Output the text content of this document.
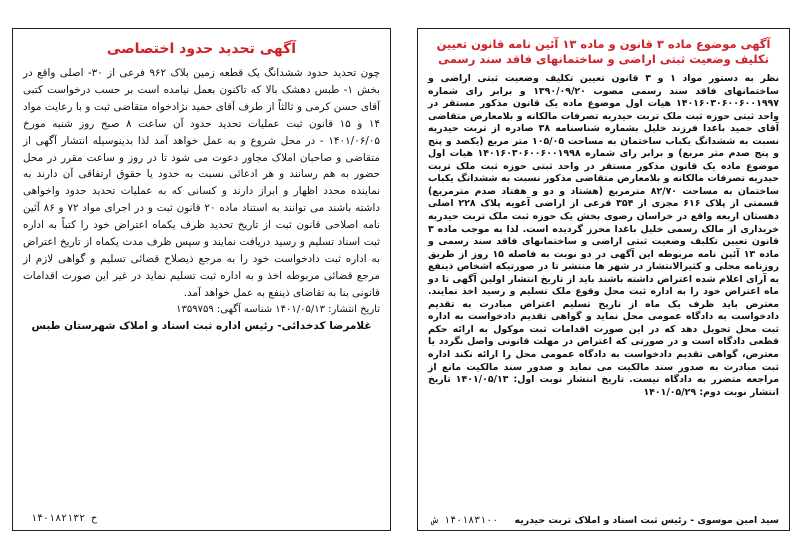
آگهی تحدید حدود اختصاصی

چون تحدید حدود ششدانگ یک قطعه زمین بلاک ۹۶۲ فرعی از ۳۰- اصلی واقع در بخش ۱- طبس دهشک بالا که تاکنون بعمل نیامده است بر حسب درخواست کتبی آقای حسن کرمی و ثالثاً از طرف آقای حمید نژادخواه متقاضی ثبت و با رعایت مواد ۱۴ و ۱۵ قانون ثبت عملیات تحدید حدود آن ساعت ۸ صبح روز شنبه مورخ ۱۴۰۱/۰۶/۰۵ - در محل شروع و به عمل خواهد آمد لذا بدینوسیله انتشار آگهی از متقاضی و صاحبان املاک مجاور دعوت می شود تا در روز و ساعت مقرر در محل حضور به هم رسانند و هر ادعائی نسبت به حدود یا حقوق ارتفاقی آن دارند به نماینده محدد اظهار و ابراز دارند و کسانی که به عملیات تحدید حدود واخواهی داشته باشند می توانند به استناد ماده ۲۰ قانون ثبت و در اجرای مواد ۷۲ و ۸۶ آئین نامه اصلاحی قانون ثبت از تاریخ تحدید ظرف یکماه اعتراض خود را کتباً به اداره ثبت اسناد تسلیم و رسید دریافت نمایند و سپس ظرف مدت یکماه از تاریخ اعتراض به اداره ثبت دادخواست خود را به مرجع ذیصلاح قضائی تسلیم و گواهی لازم از مرجع قضائی مربوطه اخذ و به اداره ثبت تسلیم نماید در غیر این صورت اقدامات قانونی بنا به تقاضای ذینفع به عمل خواهد آمد.

تاریخ انتشار: ۱۴۰۱/۰۵/۱۳ شناسه آگهی: ۱۳۵۹۷۵۹
غلامرضا کدخدائی- رئیس اداره ثبت اسناد و املاک شهرستان طبس
۱۴۰۱۸۲۱۳۲ ح
آگهی موضوع ماده ۳ قانون و ماده ۱۳ آئین نامه قانون تعیین تکلیف وضعیت ثبتی اراضی و ساختمانهای فاقد سند رسمی

نظر به دستور مواد ۱ و ۳ قانون تعیین تکلیف وضعیت ثبتی اراضی و ساختمانهای فاقد سند رسمی مصوب ۱۳۹۰/۰۹/۲۰ و برابر رای شماره ۱۴۰۱۶۰۳۰۶۰۰۶۰۰۱۹۹۷ هیات اول موضوع ماده یک قانون مذکور مستقر در واحد ثبتی حوزه ثبت ملک تربت حیدریه تصرفات مالکانه و بلامعارض متقاضی آقای حمید باغدا فرزند خلیل بشماره شناسنامه ۳۸ صادره از تربت حیدریه نسبت به ششدانگ یکباب ساختمان به مساحت ۱۰۵/۰۵ متر مربع (یکصد و پنج و پنج صدم متر مربع) و برابر رای شماره ۱۴۰۱۶۰۳۰۶۰۰۶۰۰۱۹۹۸ هیات اول موضوع ماده یک قانون مذکور مستقر در واحد ثبتی حوزه ثبت ملک تربت حیدریه تصرفات مالکانه و بلامعارض متقاضی مذکور نسبت به ششدانگ یکباب ساختمان به مساحت ۸۲/۷۰ مترمربع (هشتاد و دو و هفتاد صدم مترمربع) قسمتی از پلاک ۶۱۶ مجزی از ۳۵۴ فرعی از اراضی آغویه پلاک ۲۲۸ اصلی دهستان اربعه واقع در خراسان رضوی بخش یک حوزه ثبت ملک تربت حیدریه خریداری از مالک رسمی خلیل باغدا محرز گردیده است. لذا به موجب ماده ۳ قانون تعیین تکلیف وضعیت ثبتی اراضی و ساختمانهای فاقد سند رسمی و ماده ۱۳ آئین نامه مربوطه این آگهی در دو نوبت به فاصله ۱۵ روز از طریق روزنامه محلی و کثیرالانتشار در شهر ها منتشر تا در صورتیکه اشخاص ذینفع به آرای اعلام شده اعتراض داشته باشند باید از تاریخ انتشار اولین آگهی تا دو ماه اعتراض خود را به اداره ثبت محل وقوع ملک تسلیم و رسید اخذ نمایند. معترض باید ظرف یک ماه از تاریخ تسلیم اعتراض مبادرت به تقدیم دادخواست به دادگاه عمومی محل نماید و گواهی تقدیم دادخواست به اداره ثبت محل تحویل دهد که در این صورت اقدامات ثبت موکول به ارائه حکم قطعی دادگاه است و در صورتی که اعتراض در مهلت قانونی واصل نگردد یا معترض، گواهی تقدیم دادخواست به دادگاه عمومی محل را ارائه نکند اداره ثبت مبادرت به صدور سند مالکیت می نماید و صدور سند مالکیت مانع از مراجعه متضرر به دادگاه نیست. تاریخ انتشار نوبت اول: ۱۴۰۱/۰۵/۱۳ تاریخ انتشار نوبت دوم: ۱۴۰۱/۰۵/۲۹

سید امین موسوی - رئیس ثبت اسناد و املاک تربت حیدریه
۱۴۰۱۸۳۱۰۰ ش
